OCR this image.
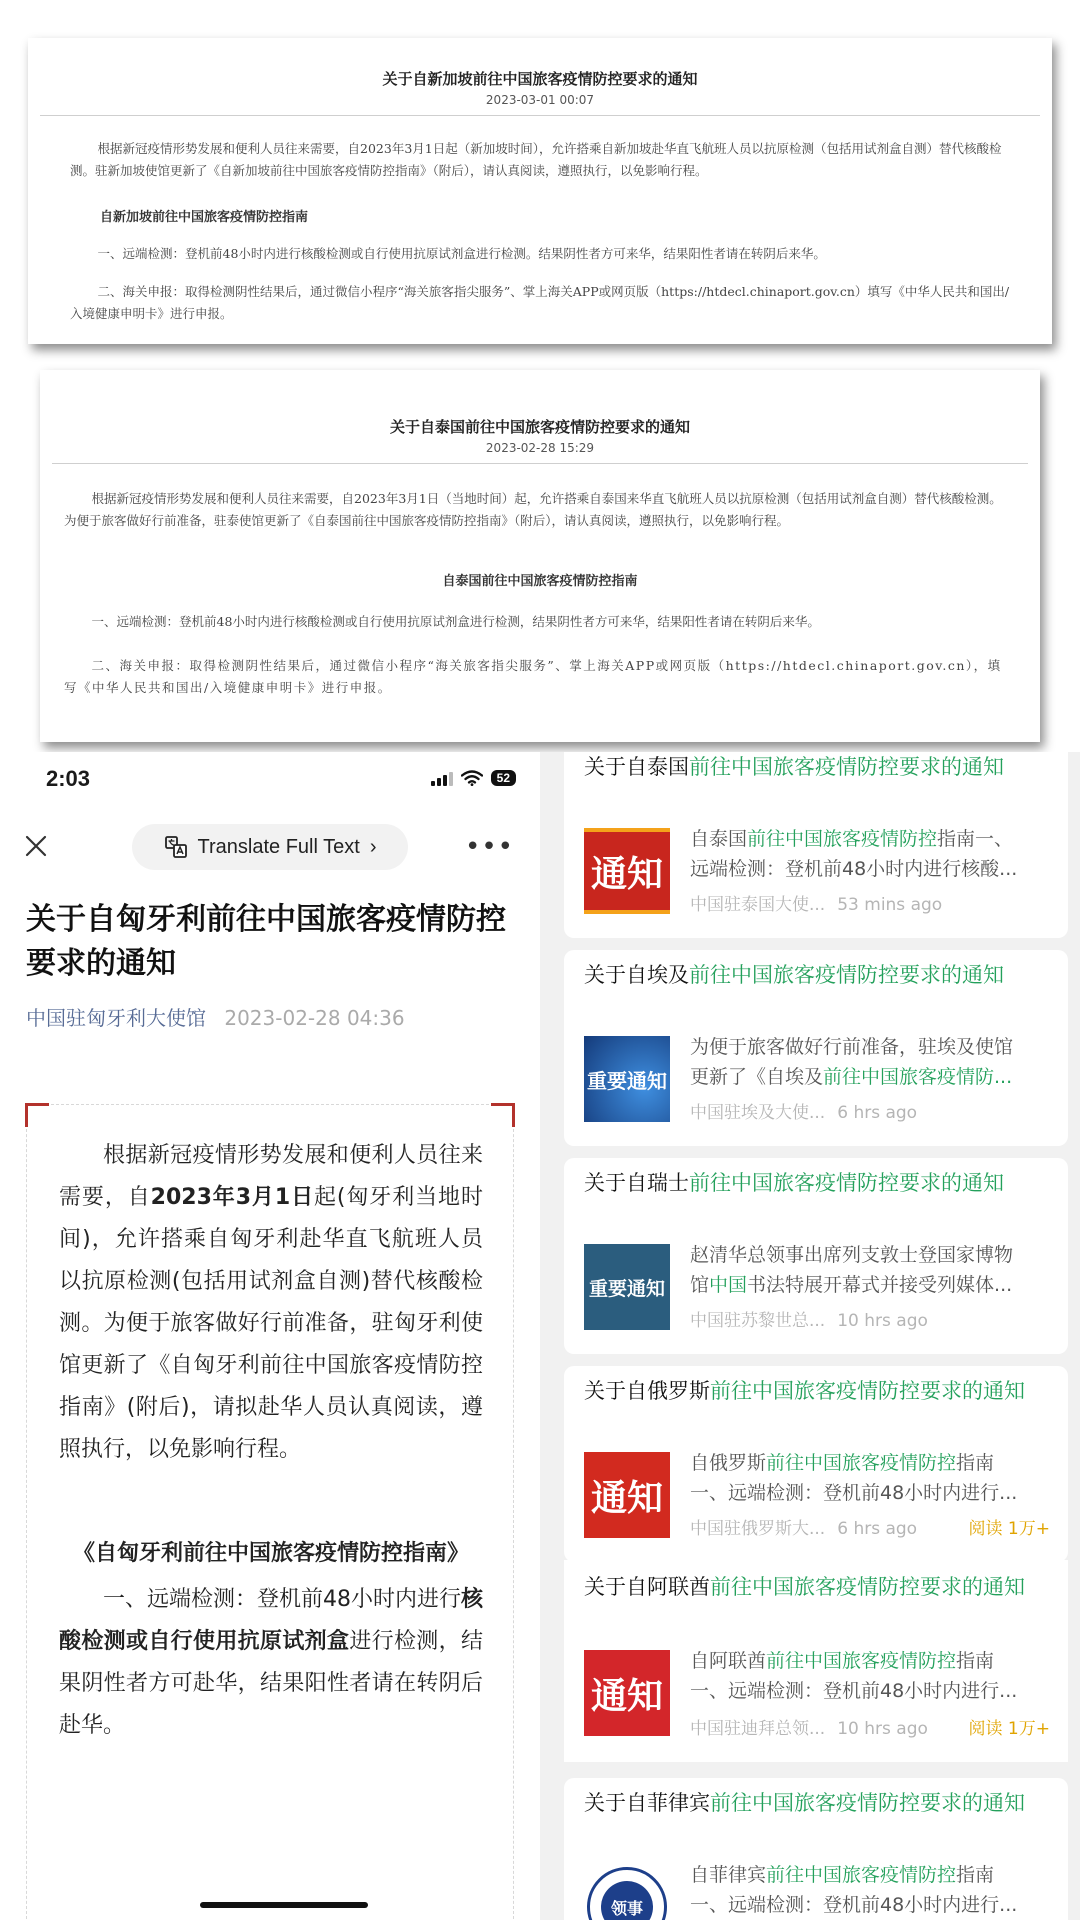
关于自新加坡前往中国旅客疫情防控要求的通知
2023-03-01 00:07
根据新冠疫情形势发展和便利人员往来需要，自2023年3月1日起（新加坡时间），允许搭乘自新加坡赴华直飞航班人员以抗原检测（包括用试剂盒自测）替代核酸检测。驻新加坡使馆更新了《自新加坡前往中国旅客疫情防控指南》（附后），请认真阅读，遵照执行，以免影响行程。
自新加坡前往中国旅客疫情防控指南
一、远端检测：登机前48小时内进行核酸检测或自行使用抗原试剂盒进行检测。结果阴性者方可来华，结果阳性者请在转阴后来华。
二、海关申报：取得检测阴性结果后，通过微信小程序“海关旅客指尖服务”、掌上海关APP或网页版（https://htdecl.chinaport.gov.cn）填写《中华人民共和国出/入境健康申明卡》进行申报。
关于自泰国前往中国旅客疫情防控要求的通知
2023-02-28 15:29
根据新冠疫情形势发展和便利人员往来需要，自2023年3月1日（当地时间）起，允许搭乘自泰国来华直飞航班人员以抗原检测（包括用试剂盒自测）替代核酸检测。为便于旅客做好行前准备，驻泰使馆更新了《自泰国前往中国旅客疫情防控指南》（附后），请认真阅读，遵照执行，以免影响行程。
自泰国前往中国旅客疫情防控指南
一、远端检测：登机前48小时内进行核酸检测或自行使用抗原试剂盒进行检测，结果阴性者方可来华，结果阳性者请在转阴后来华。
二、海关申报：取得检测阴性结果后，通过微信小程序“海关旅客指尖服务”、掌上海关APP或网页版（https://htdecl.chinaport.gov.cn），填写《中华人民共和国出/入境健康申明卡》进行申报。
2:03	52
Translate Full Text ›	•••
关于自匈牙利前往中国旅客疫情防控要求的通知
中国驻匈牙利大使馆 2023-02-28 04:36

根据新冠疫情形势发展和便利人员往来需要，自2023年3月1日起(匈牙利当地时间)，允许搭乘自匈牙利赴华直飞航班人员以抗原检测(包括用试剂盒自测)替代核酸检测。为便于旅客做好行前准备，驻匈牙利使馆更新了《自匈牙利前往中国旅客疫情防控指南》(附后)，请拟赴华人员认真阅读，遵照执行，以免影响行程。

《自匈牙利前往中国旅客疫情防控指南》

一、远端检测：登机前48小时内进行核酸检测或自行使用抗原试剂盒进行检测，结果阴性者方可赴华，结果阳性者请在转阴后赴华。

关于自泰国前往中国旅客疫情防控要求的通知
通知
自泰国前往中国旅客疫情防控指南一、
远端检测：登机前48小时内进行核酸...
中国驻泰国大使... 53 mins ago
关于自埃及前往中国旅客疫情防控要求的通知
重要通知
为便于旅客做好行前准备，驻埃及使馆
更新了《自埃及前往中国旅客疫情防...
中国驻埃及大使... 6 hrs ago
关于自瑞士前往中国旅客疫情防控要求的通知
重要通知
赵清华总领事出席列支敦士登国家博物
馆中国书法特展开幕式并接受列媒体...
中国驻苏黎世总... 10 hrs ago
关于自俄罗斯前往中国旅客疫情防控要求的通知
通知
自俄罗斯前往中国旅客疫情防控指南
一、远端检测：登机前48小时内进行...
中国驻俄罗斯大... 6 hrs ago	阅读 1万+
关于自阿联酋前往中国旅客疫情防控要求的通知
通知
自阿联酋前往中国旅客疫情防控指南
一、远端检测：登机前48小时内进行...
中国驻迪拜总领... 10 hrs ago 阅读 1万+
关于自菲律宾前往中国旅客疫情防控要求的通知
领事
自菲律宾前往中国旅客疫情防控指南
一、远端检测：登机前48小时内进行...
